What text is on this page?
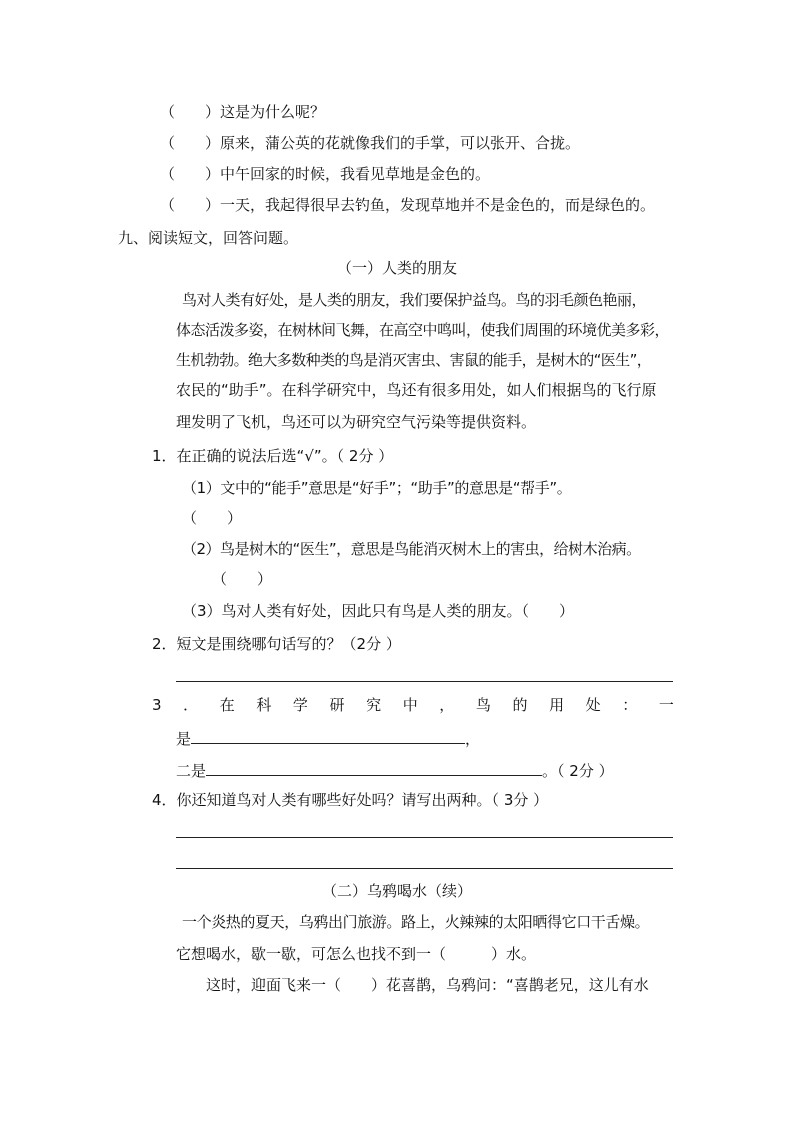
（　　）这是为什么呢？
（　　）原来，蒲公英的花就像我们的手掌，可以张开、合拢。
（　　）中午回家的时候，我看见草地是金色的。
（　　）一天，我起得很早去钓鱼，发现草地并不是金色的，而是绿色的。
九、阅读短文，回答问题。
（一）人类的朋友
鸟对人类有好处，是人类的朋友，我们要保护益鸟。鸟的羽毛颜色艳丽，
体态活泼多姿，在树林间飞舞，在高空中鸣叫，使我们周围的环境优美多彩，
生机勃勃。绝大多数种类的鸟是消灭害虫、害鼠的能手，是树木的“医生”，
农民的“助手”。在科学研究中，鸟还有很多用处，如人们根据鸟的飞行原
理发明了飞机，鸟还可以为研究空气污染等提供资料。
1．在正确的说法后选“√”。（ 2分 ）
（1）文中的“能手”意思是“好手”；“助手”的意思是“帮手”。
（　　）
（2）鸟是树木的“医生”，意思是鸟能消灭树木上的害虫，给树木治病。
（　　）
（3）鸟对人类有好处，因此只有鸟是人类的朋友。（　　）
2．短文是围绕哪句话写的？（2分 ）
3 ． 在 科 学 研 究 中 ， 鸟 的 用 处 ： 一
是	，
二是	。（ 2分 ）
4．你还知道鸟对人类有哪些好处吗？请写出两种。（ 3分 ）
（二）乌鸦喝水（续）
一个炎热的夏天，乌鸦出门旅游。路上，火辣辣的太阳晒得它口干舌燥。
它想喝水，歇一歇，可怎么也找不到一（　　　）水。
这时，迎面飞来一（　　）花喜鹊，乌鸦问：“喜鹊老兄，这儿有水
